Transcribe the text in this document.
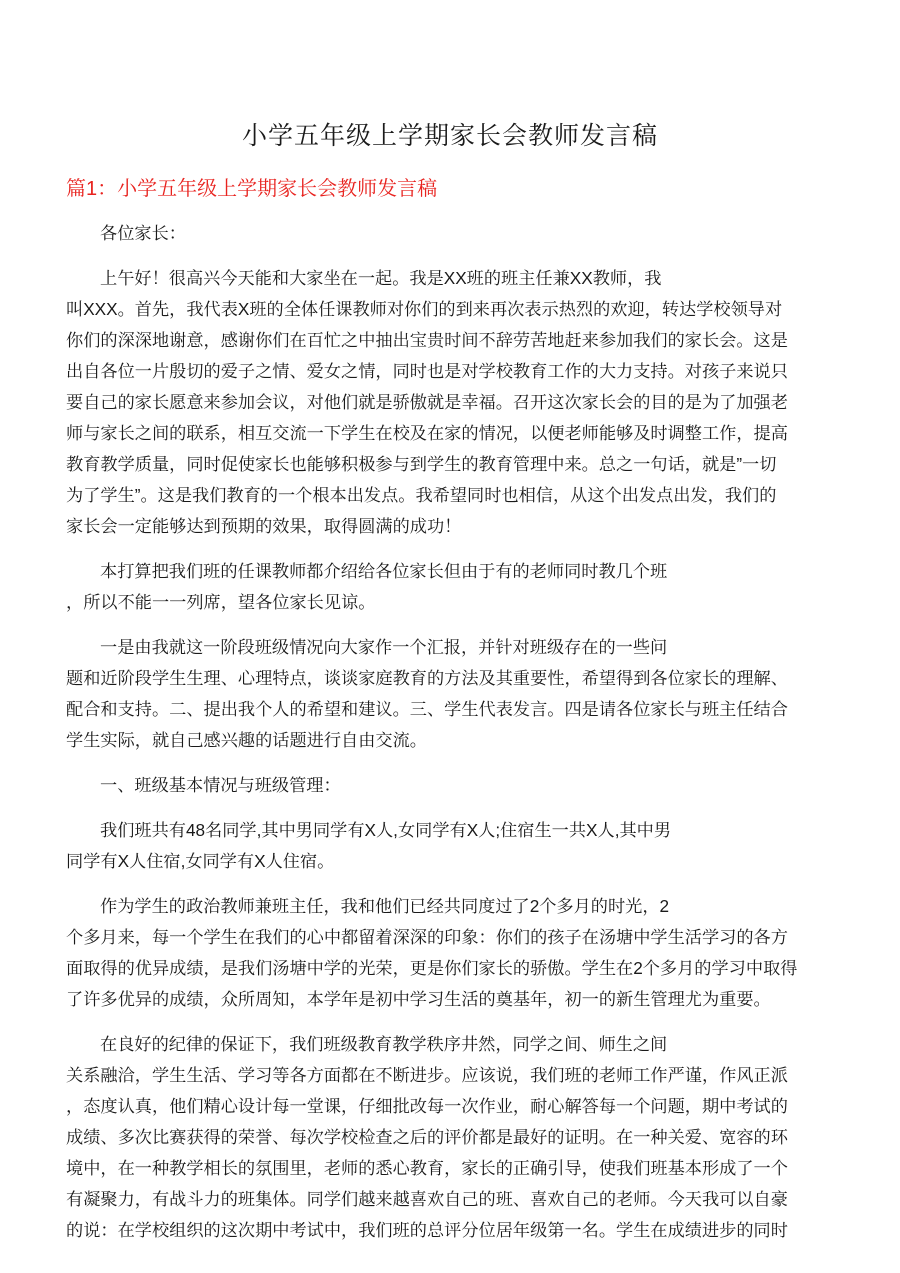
小学五年级上学期家长会教师发言稿
篇1：小学五年级上学期家长会教师发言稿
各位家长：
上午好！很高兴今天能和大家坐在一起。我是XX班的班主任兼XX教师，我
叫XXX。首先，我代表X班的全体任课教师对你们的到来再次表示热烈的欢迎，转达学校领导对
你们的深深地谢意，感谢你们在百忙之中抽出宝贵时间不辞劳苦地赶来参加我们的家长会。这是
出自各位一片殷切的爱子之情、爱女之情，同时也是对学校教育工作的大力支持。对孩子来说只
要自己的家长愿意来参加会议，对他们就是骄傲就是幸福。召开这次家长会的目的是为了加强老
师与家长之间的联系，相互交流一下学生在校及在家的情况，以便老师能够及时调整工作，提高
教育教学质量，同时促使家长也能够积极参与到学生的教育管理中来。总之一句话，就是”一切
为了学生”。这是我们教育的一个根本出发点。我希望同时也相信，从这个出发点出发，我们的
家长会一定能够达到预期的效果，取得圆满的成功！
本打算把我们班的任课教师都介绍给各位家长但由于有的老师同时教几个班
，所以不能一一列席，望各位家长见谅。
一是由我就这一阶段班级情况向大家作一个汇报，并针对班级存在的一些问
题和近阶段学生生理、心理特点，谈谈家庭教育的方法及其重要性，希望得到各位家长的理解、
配合和支持。二、提出我个人的希望和建议。三、学生代表发言。四是请各位家长与班主任结合
学生实际，就自己感兴趣的话题进行自由交流。
一、班级基本情况与班级管理：
我们班共有48名同学,其中男同学有X人,女同学有X人;住宿生一共X人,其中男
同学有X人住宿,女同学有X人住宿。
作为学生的政治教师兼班主任，我和他们已经共同度过了2个多月的时光，2
个多月来，每一个学生在我们的心中都留着深深的印象：你们的孩子在汤塘中学生活学习的各方
面取得的优异成绩，是我们汤塘中学的光荣，更是你们家长的骄傲。学生在2个多月的学习中取得
了许多优异的成绩，众所周知，本学年是初中学习生活的奠基年，初一的新生管理尤为重要。
在良好的纪律的保证下，我们班级教育教学秩序井然，同学之间、师生之间
关系融洽，学生生活、学习等各方面都在不断进步。应该说，我们班的老师工作严谨，作风正派
，态度认真，他们精心设计每一堂课，仔细批改每一次作业，耐心解答每一个问题，期中考试的
成绩、多次比赛获得的荣誉、每次学校检查之后的评价都是最好的证明。在一种关爱、宽容的环
境中，在一种教学相长的氛围里，老师的悉心教育，家长的正确引导，使我们班基本形成了一个
有凝聚力，有战斗力的班集体。同学们越来越喜欢自己的班、喜欢自己的老师。今天我可以自豪
的说：在学校组织的这次期中考试中，我们班的总评分位居年级第一名。学生在成绩进步的同时
